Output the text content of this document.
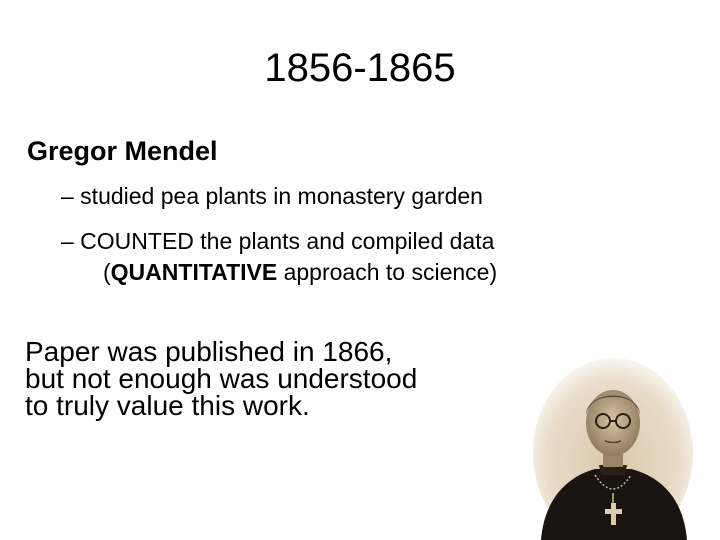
1856-1865
Gregor Mendel
– studied pea plants in monastery garden
– COUNTED the plants and compiled data
(QUANTITATIVE approach to science)
Paper was published in 1866,
but not enough was understood
to truly value this work.
